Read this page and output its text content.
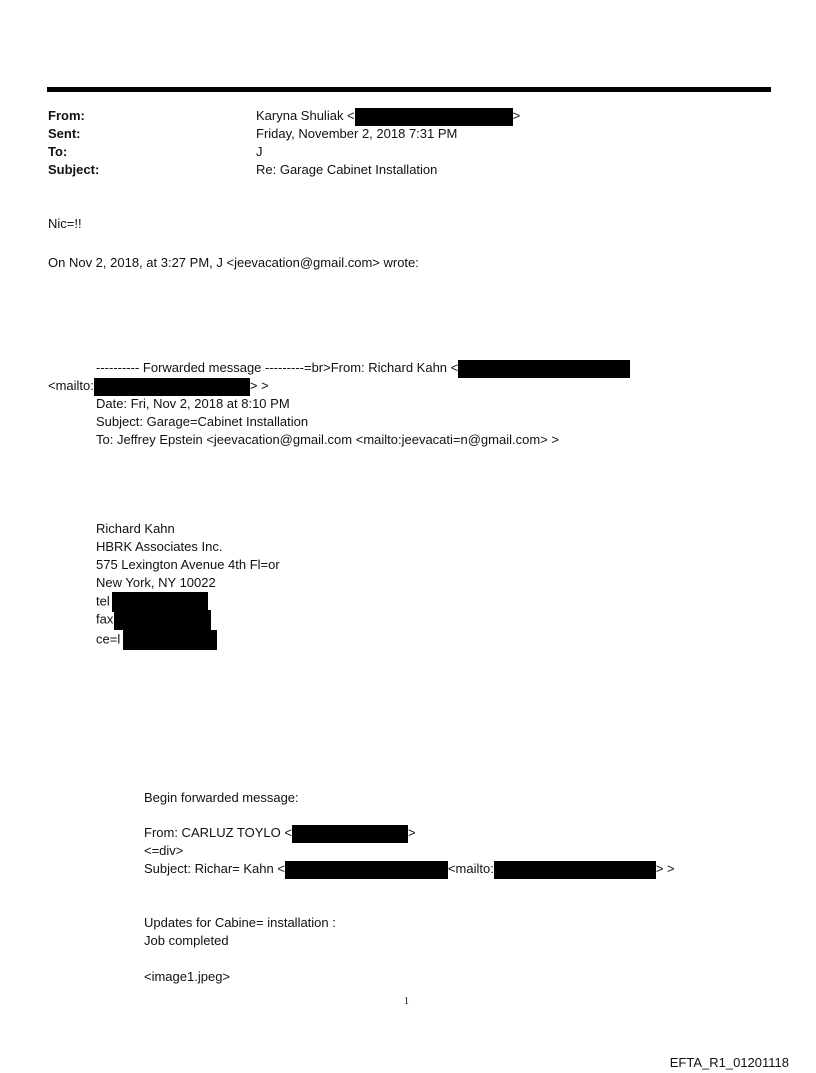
From:	Karyna Shuliak <	>
Sent:	Friday, November 2, 2018 7:31 PM
To:	J
Subject:	Re: Garage Cabinet Installation
Nic=!!
On Nov 2, 2018, at 3:27 PM, J <jeevacation@gmail.com> wrote:
---------- Forwarded message ---------=br>From: Richard Kahn <
<mailto:	> >
Date: Fri, Nov 2, 2018 at 8:10 PM
Subject: Garage=Cabinet Installation
To: Jeffrey Epstein <jeevacation@gmail.com <mailto:jeevacati=n@gmail.com> >
Richard Kahn
HBRK Associates Inc.
575 Lexington Avenue 4th Fl=or
New York, NY 10022
tel
fax
ce=l
Begin forwarded message:
From: CARLUZ TOYLO <	>
<=div>
Subject: Richar= Kahn <	<mailto:	> >
Updates for Cabine= installation :
Job completed
<image1.jpeg>
1
EFTA_R1_01201118
